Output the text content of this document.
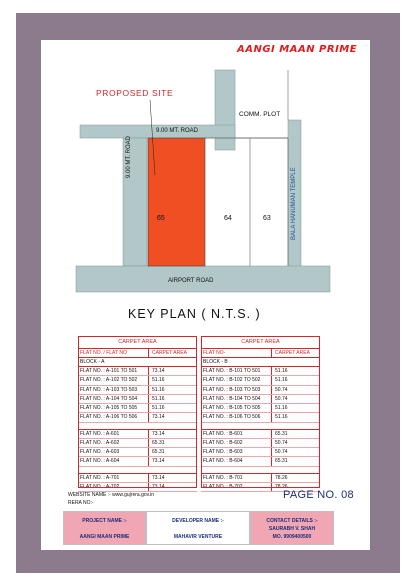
AANGI MAAN PRIME
PROPOSED SITE
COMM. PLOT
9.00 MT. ROAD
9.00 MT. ROAD
BALA HANUMAN TEMPLE
65	64	63
AIRPORT ROAD
KEY PLAN ( N.T.S. )
CARPET AREA
FLAT NO. / FLAT NO	CARPET AREA
BLOCK - A
FLAT NO. : A-101 TO 501	73.14
FLAT NO. : A-102 TO 502	51.16
FLAT NO. : A-103 TO 503	51.16
FLAT NO. : A-104 TO 504	51.16
FLAT NO. : A-105 TO 505	51.16
FLAT NO. : A-106 TO 506	73.14
FLAT NO. : A-601	73.14
FLAT NO. : A-602	65.31
FLAT NO. : A-603	65.31
FLAT NO. : A-604	73.14
FLAT NO. : A-701	73.14
FLAT NO. : A-702	73.14
CARPET AREA
FLAT NO-	CARPET AREA
BLOCK - B
FLAT NO. : B-101 TO 501	51.16
FLAT NO. : B-102 TO 502	51.16
FLAT NO. : B-103 TO 503	50.74
FLAT NO. : B-104 TO 504	50.74
FLAT NO. : B-105 TO 505	51.16
FLAT NO. : B-106 TO 506	51.16
FLAT NO. : B-601	65.31
FLAT NO. : B-602	50.74
FLAT NO. : B-603	50.74
FLAT NO. : B-604	65.31
FLAT NO. : B-701	78.26
FLAT NO. : B-702	78.26
WEBSITE NAME :- www.gujrera.gov.in
RERA NO:-
PAGE NO. 08
PROJECT NAME :-
AANGI MAAN PRIME
DEVELOPER NAME :-
MAHAVIR VENTURE
CONTACT DETAILS :-
SAURABH V. SHAH
MO. 9909400500
